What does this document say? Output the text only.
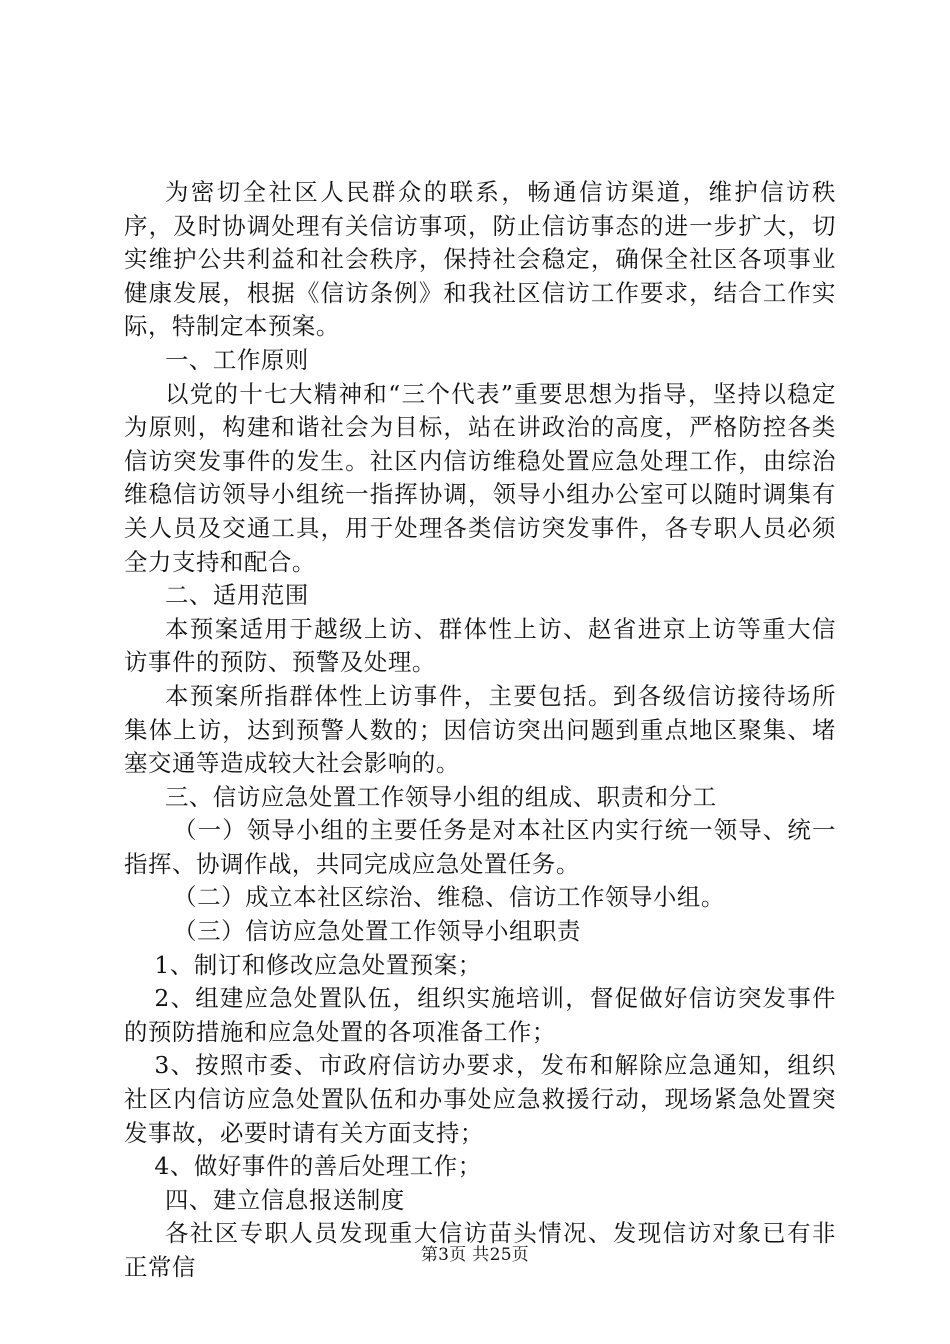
为密切全社区人民群众的联系，畅通信访渠道，维护信访秩序，及时协调处理有关信访事项，防止信访事态的进一步扩大，切实维护公共利益和社会秩序，保持社会稳定，确保全社区各项事业健康发展，根据《信访条例》和我社区信访工作要求，结合工作实际，特制定本预案。

一、工作原则

以党的十七大精神和“三个代表”重要思想为指导，坚持以稳定为原则，构建和谐社会为目标，站在讲政治的高度，严格防控各类信访突发事件的发生。社区内信访维稳处置应急处理工作，由综治维稳信访领导小组统一指挥协调，领导小组办公室可以随时调集有关人员及交通工具，用于处理各类信访突发事件，各专职人员必须全力支持和配合。

二、适用范围

本预案适用于越级上访、群体性上访、赵省进京上访等重大信访事件的预防、预警及处理。

本预案所指群体性上访事件，主要包括。到各级信访接待场所集体上访，达到预警人数的；因信访突出问题到重点地区聚集、堵塞交通等造成较大社会影响的。

三、信访应急处置工作领导小组的组成、职责和分工

（一）领导小组的主要任务是对本社区内实行统一领导、统一指挥、协调作战，共同完成应急处置任务。

（二）成立本社区综治、维稳、信访工作领导小组。

（三）信访应急处置工作领导小组职责

1、制订和修改应急处置预案；

2、组建应急处置队伍，组织实施培训，督促做好信访突发事件的预防措施和应急处置的各项准备工作；

3、按照市委、市政府信访办要求，发布和解除应急通知，组织社区内信访应急处置队伍和办事处应急救援行动，现场紧急处置突发事故，必要时请有关方面支持；

4、做好事件的善后处理工作；

四、建立信息报送制度

各社区专职人员发现重大信访苗头情况、发现信访对象已有非正常信	第3页 共25页
